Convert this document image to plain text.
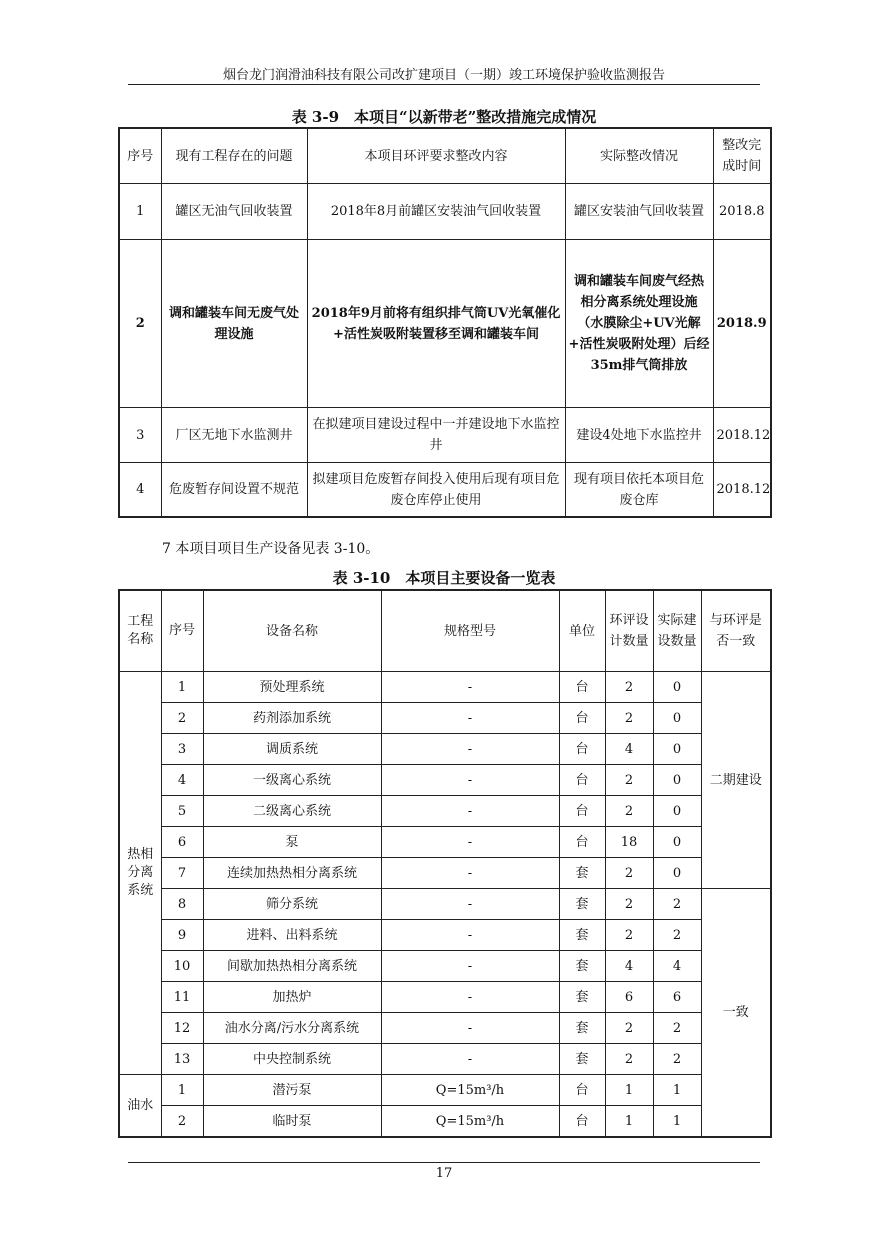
烟台龙门润滑油科技有限公司改扩建项目（一期）竣工环境保护验收监测报告
表 3-9　本项目“以新带老”整改措施完成情况
序号	现有工程存在的问题	本项目环评要求整改内容	实际整改情况	整改完成时间
1	罐区无油气回收装置	2018年8月前罐区安装油气回收装置	罐区安装油气回收装置	2018.8
2	调和罐装车间无废气处理设施	2018年9月前将有组织排气筒UV光氧催化+活性炭吸附装置移至调和罐装车间	调和罐装车间废气经热相分离系统处理设施（水膜除尘+UV光解+活性炭吸附处理）后经35m排气筒排放	2018.9
3	厂区无地下水监测井	在拟建项目建设过程中一并建设地下水监控井	建设4处地下水监控井	2018.12
4	危废暂存间设置不规范	拟建项目危废暂存间投入使用后现有项目危废仓库停止使用	现有项目依托本项目危废仓库	2018.12
7 本项目项目生产设备见表 3-10。
表 3-10　本项目主要设备一览表
工程名称	序号	设备名称	规格型号	单位	环评设计数量	实际建设数量	与环评是否一致
热相分离系统	1	预处理系统	-	台	2	0	二期建设
	2	药剂添加系统	-	台	2	0	
	3	调质系统	-	台	4	0	
	4	一级离心系统	-	台	2	0	
	5	二级离心系统	-	台	2	0	
	6	泵	-	台	18	0	
	7	连续加热热相分离系统	-	套	2	0	
	8	筛分系统	-	套	2	2	一致
	9	进料、出料系统	-	套	2	2	
	10	间歇加热热相分离系统	-	套	4	4	
	11	加热炉	-	套	6	6	
	12	油水分离/污水分离系统	-	套	2	2	
	13	中央控制系统	-	套	2	2	
油水	1	潜污泵	Q=15m³/h	台	1	1	
	2	临时泵	Q=15m³/h	台	1	1	
17
